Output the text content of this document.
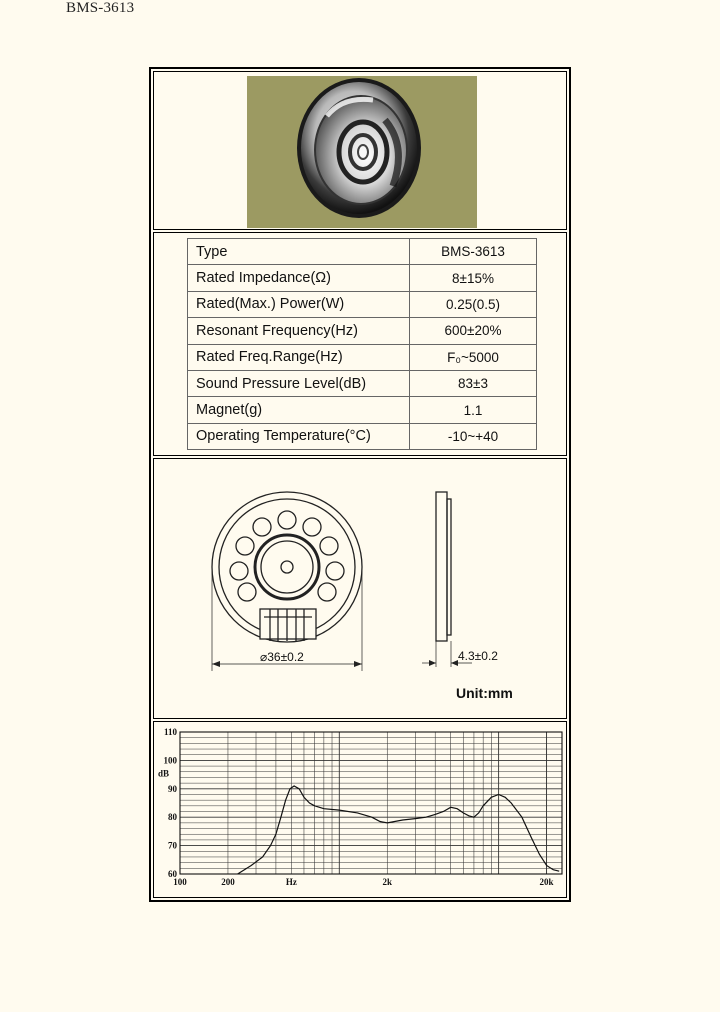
BMS-3613
Type	BMS-3613
Rated Impedance(Ω)	8±15%
Rated(Max.) Power(W)	0.25(0.5)
Resonant Frequency(Hz)	600±20%
Rated Freq.Range(Hz)	F₀~5000
Sound Pressure Level(dB)	83±3
Magnet(g)	1.1
Operating Temperature(°C)	-10~+40
⌀36±0.2	4.3±0.2
Unit:mm
60
70
80
90
100
110
dB
100	200	Hz	2k	20k
